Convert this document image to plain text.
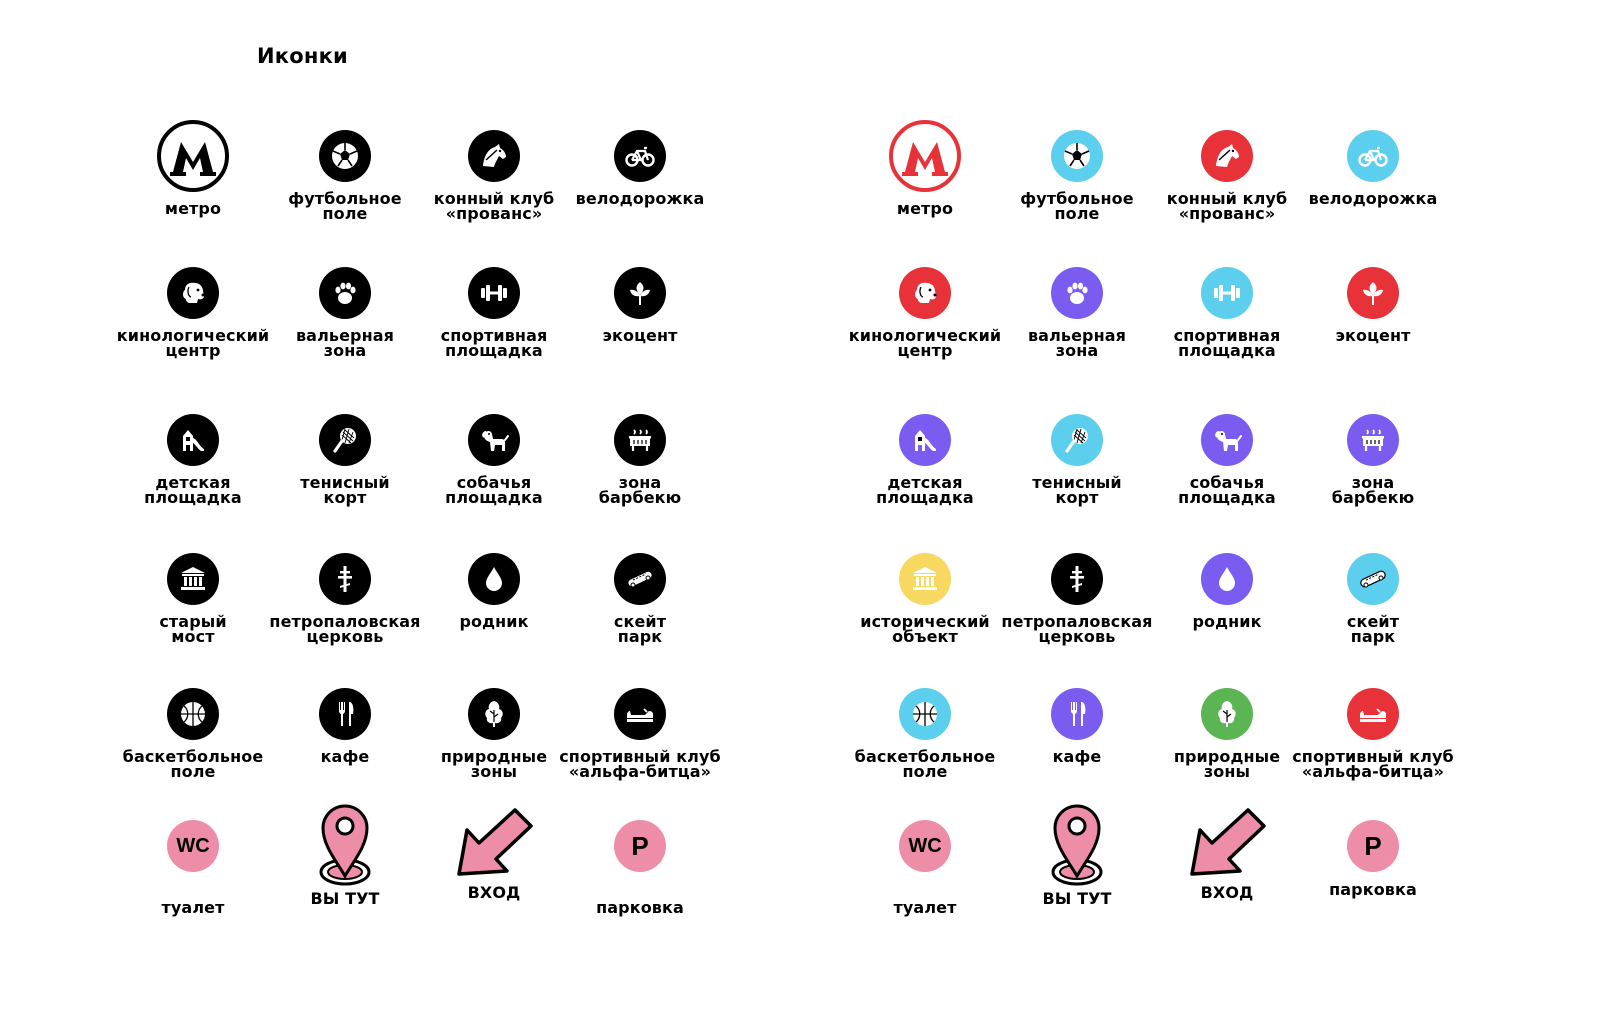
Иконки
метро
футбольное
поле
конный клуб
«прованс»
велодорожка
кинологический
центр
вальерная
зона
спортивная
площадка
экоцент
детская
площадка
тенисный
корт
собачья
площадка
зона
барбекю
старый
мост
петропаловская
церковь
родник	скейт
парк
баскетбольное
поле
кафе	природные
зоны
спортивный клуб
«альфа-битца»
метро
футбольное
поле
конный клуб
«прованс»
велодорожка
кинологический
центр
вальерная
зона
спортивная
площадка
экоцент
детская
площадка
тенисный
корт
собачья
площадка
зона
барбекю
исторический
объект
петропаловская
церковь
родник	скейт
парк
баскетбольное
поле
кафе	природные
зоны
спортивный клуб
«альфа-битца»
WC
туалет	ВЫ ТУТ	ВХОД
P
парковка
WC
туалет	ВЫ ТУТ	ВХОД
P
парковка
